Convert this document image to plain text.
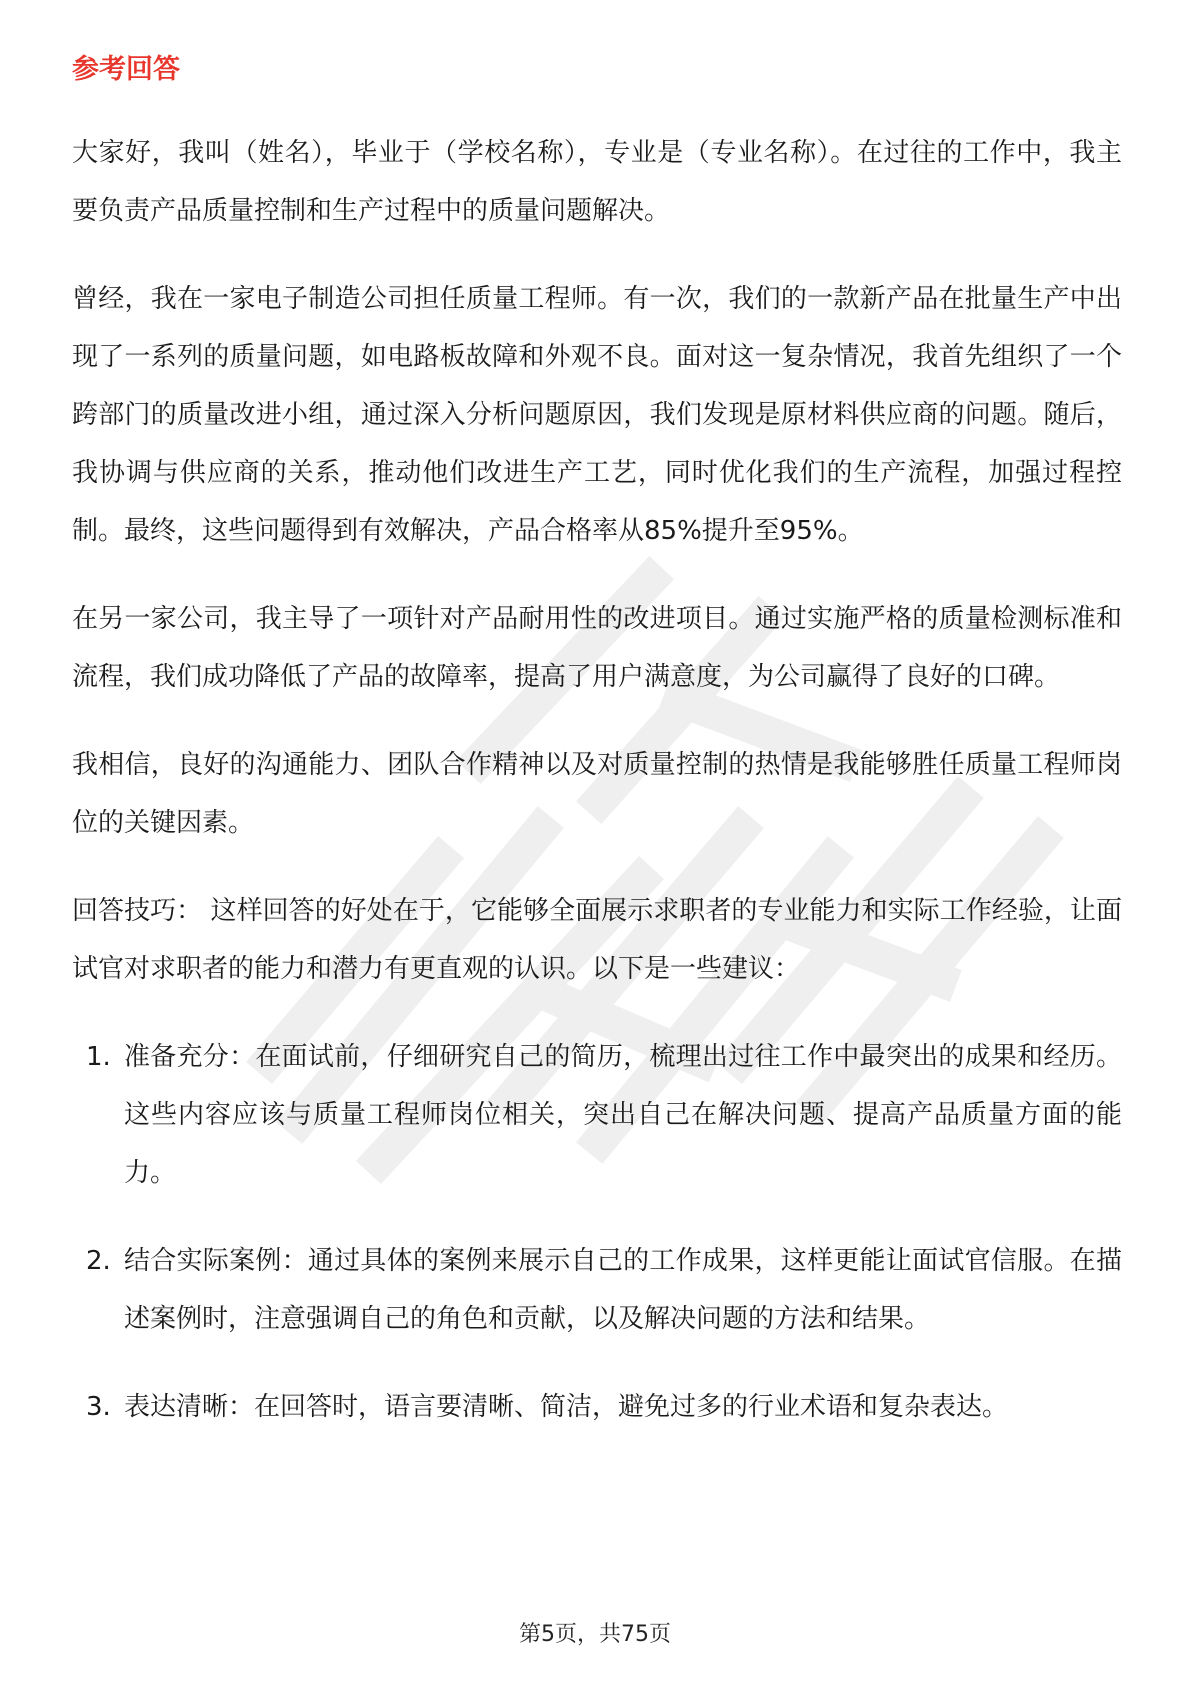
参考回答

大家好，我叫（姓名），毕业于（学校名称），专业是（专业名称）。在过往的工作中，我主要负责产品质量控制和生产过程中的质量问题解决。

曾经，我在一家电子制造公司担任质量工程师。有一次，我们的一款新产品在批量生产中出现了一系列的质量问题，如电路板故障和外观不良。面对这一复杂情况，我首先组织了一个跨部门的质量改进小组，通过深入分析问题原因，我们发现是原材料供应商的问题。随后，我协调与供应商的关系，推动他们改进生产工艺，同时优化我们的生产流程，加强过程控制。最终，这些问题得到有效解决，产品合格率从85%提升至95%。

在另一家公司，我主导了一项针对产品耐用性的改进项目。通过实施严格的质量检测标准和流程，我们成功降低了产品的故障率，提高了用户满意度，为公司赢得了良好的口碑。

我相信，良好的沟通能力、团队合作精神以及对质量控制的热情是我能够胜任质量工程师岗位的关键因素。

回答技巧： 这样回答的好处在于，它能够全面展示求职者的专业能力和实际工作经验，让面试官对求职者的能力和潜力有更直观的认识。以下是一些建议：

1. 准备充分：在面试前，仔细研究自己的简历，梳理出过往工作中最突出的成果和经历。这些内容应该与质量工程师岗位相关，突出自己在解决问题、提高产品质量方面的能力。
2. 结合实际案例：通过具体的案例来展示自己的工作成果，这样更能让面试官信服。在描述案例时，注意强调自己的角色和贡献，以及解决问题的方法和结果。
3. 表达清晰：在回答时，语言要清晰、简洁，避免过多的行业术语和复杂表达。
第5页，共75页
